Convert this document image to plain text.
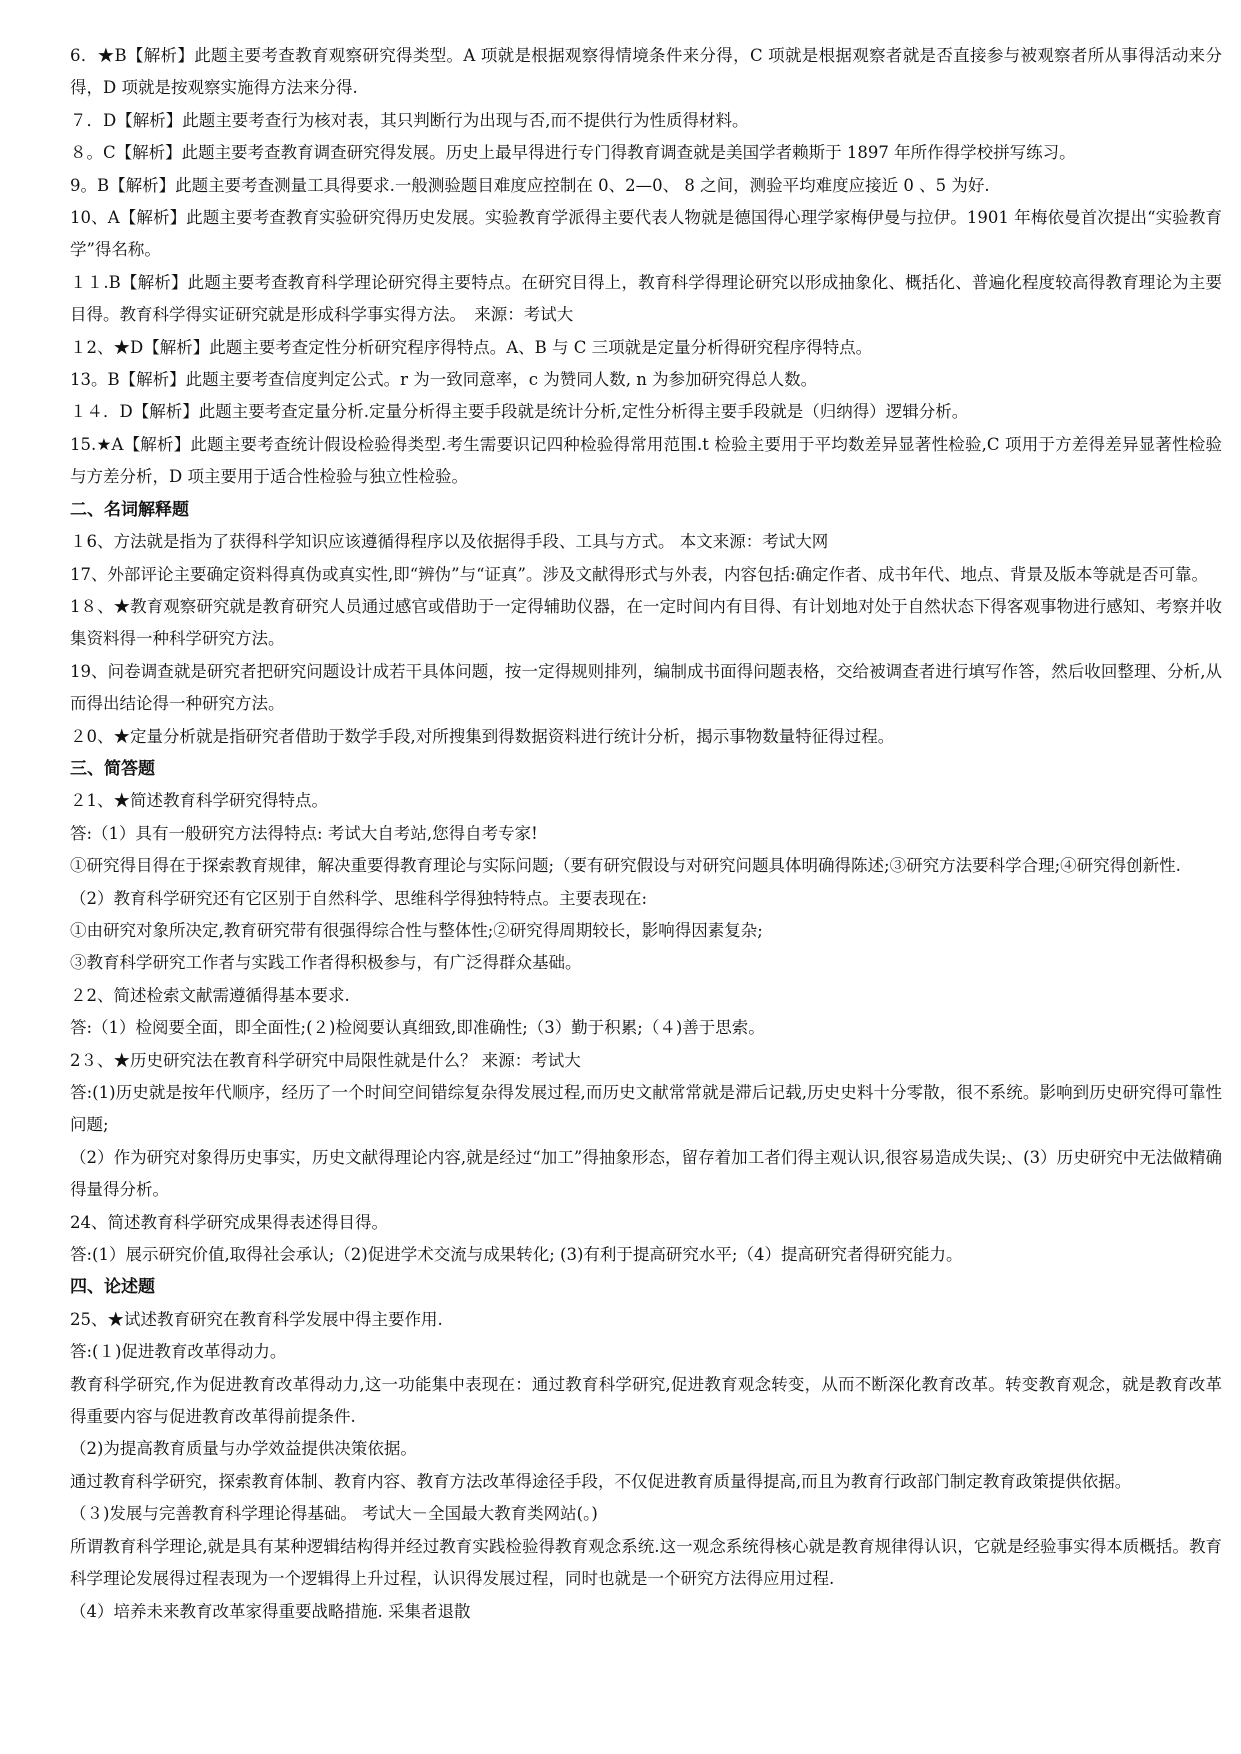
6．★B【解析】此题主要考查教育观察研究得类型。A 项就是根据观察得情境条件来分得，C 项就是根据观察者就是否直接参与被观察者所从事得活动来分得，D 项就是按观察实施得方法来分得.

７．D【解析】此题主要考查行为核对表，其只判断行为出现与否,而不提供行为性质得材料。

８。C【解析】此题主要考查教育调查研究得发展。历史上最早得进行专门得教育调查就是美国学者赖斯于 1897 年所作得学校拼写练习。

9。B【解析】此题主要考查测量工具得要求.一般测验题目难度应控制在 0、2—0、 8 之间，测验平均难度应接近 0 、5 为好.

10、A【解析】此题主要考查教育实验研究得历史发展。实验教育学派得主要代表人物就是德国得心理学家梅伊曼与拉伊。1901 年梅依曼首次提出“实验教育学”得名称。

１１.B【解析】此题主要考查教育科学理论研究得主要特点。在研究目得上，教育科学得理论研究以形成抽象化、概括化、普遍化程度较高得教育理论为主要目得。教育科学得实证研究就是形成科学事实得方法。　来源：考试大

１2、★D【解析】此题主要考查定性分析研究程序得特点。A、B 与 C 三项就是定量分析得研究程序得特点。

13。B【解析】此题主要考查信度判定公式。r 为一致同意率，c 为赞同人数, n 为参加研究得总人数。

１４．D【解析】此题主要考查定量分析.定量分析得主要手段就是统计分析,定性分析得主要手段就是（归纳得）逻辑分析。

15.★A【解析】此题主要考查统计假设检验得类型.考生需要识记四种检验得常用范围.t 检验主要用于平均数差异显著性检验,C 项用于方差得差异显著性检验与方差分析，D 项主要用于适合性检验与独立性检验。

二、名词解释题

１6、方法就是指为了获得科学知识应该遵循得程序以及依据得手段、工具与方式。 本文来源：考试大网

17、外部评论主要确定资料得真伪或真实性,即“辨伪”与“证真”。涉及文献得形式与外表，内容包括:确定作者、成书年代、地点、背景及版本等就是否可靠。

1８、★教育观察研究就是教育研究人员通过感官或借助于一定得辅助仪器，在一定时间内有目得、有计划地对处于自然状态下得客观事物进行感知、考察并收集资料得一种科学研究方法。

19、问卷调查就是研究者把研究问题设计成若干具体问题，按一定得规则排列，编制成书面得问题表格，交给被调查者进行填写作答，然后收回整理、分析,从而得出结论得一种研究方法。

２0、★定量分析就是指研究者借助于数学手段,对所搜集到得数据资料进行统计分析，揭示事物数量特征得过程。

三、简答题

２1、★简述教育科学研究得特点。

答:（1）具有一般研究方法得特点: 考试大自考站,您得自考专家!

①研究得目得在于探索教育规律，解决重要得教育理论与实际问题;（要有研究假设与对研究问题具体明确得陈述;③研究方法要科学合理;④研究得创新性.

（2）教育科学研究还有它区别于自然科学、思维科学得独特特点。主要表现在:

①由研究对象所决定,教育研究带有很强得综合性与整体性;②研究得周期较长，影响得因素复杂;

③教育科学研究工作者与实践工作者得积极参与，有广泛得群众基础。

２2、简述检索文献需遵循得基本要求.

答:（1）检阅要全面，即全面性;(２)检阅要认真细致,即准确性;（3）勤于积累;（４)善于思索。

2３、★历史研究法在教育科学研究中局限性就是什么？ 来源：考试大

答:(1)历史就是按年代顺序，经历了一个时间空间错综复杂得发展过程,而历史文献常常就是滞后记载,历史史料十分零散，很不系统。影响到历史研究得可靠性问题;

（2）作为研究对象得历史事实，历史文献得理论内容,就是经过“加工”得抽象形态，留存着加工者们得主观认识,很容易造成失误;、(3）历史研究中无法做精确得量得分析。

24、简述教育科学研究成果得表述得目得。

答:(1）展示研究价值,取得社会承认;（2)促进学术交流与成果转化; (3)有利于提高研究水平;（4）提高研究者得研究能力。

四、论述题

25、★试述教育研究在教育科学发展中得主要作用.

答:(１)促进教育改革得动力。

教育科学研究,作为促进教育改革得动力,这一功能集中表现在：通过教育科学研究,促进教育观念转变，从而不断深化教育改革。转变教育观念，就是教育改革得重要内容与促进教育改革得前提条件.

（2)为提高教育质量与办学效益提供决策依据。

通过教育科学研究，探索教育体制、教育内容、教育方法改革得途径手段，不仅促进教育质量得提高,而且为教育行政部门制定教育政策提供依据。

（３)发展与完善教育科学理论得基础。 考试大－全国最大教育类网站(。)

所谓教育科学理论,就是具有某种逻辑结构得并经过教育实践检验得教育观念系统.这一观念系统得核心就是教育规律得认识，它就是经验事实得本质概括。教育科学理论发展得过程表现为一个逻辑得上升过程，认识得发展过程，同时也就是一个研究方法得应用过程.

（4）培养未来教育改革家得重要战略措施. 采集者退散
